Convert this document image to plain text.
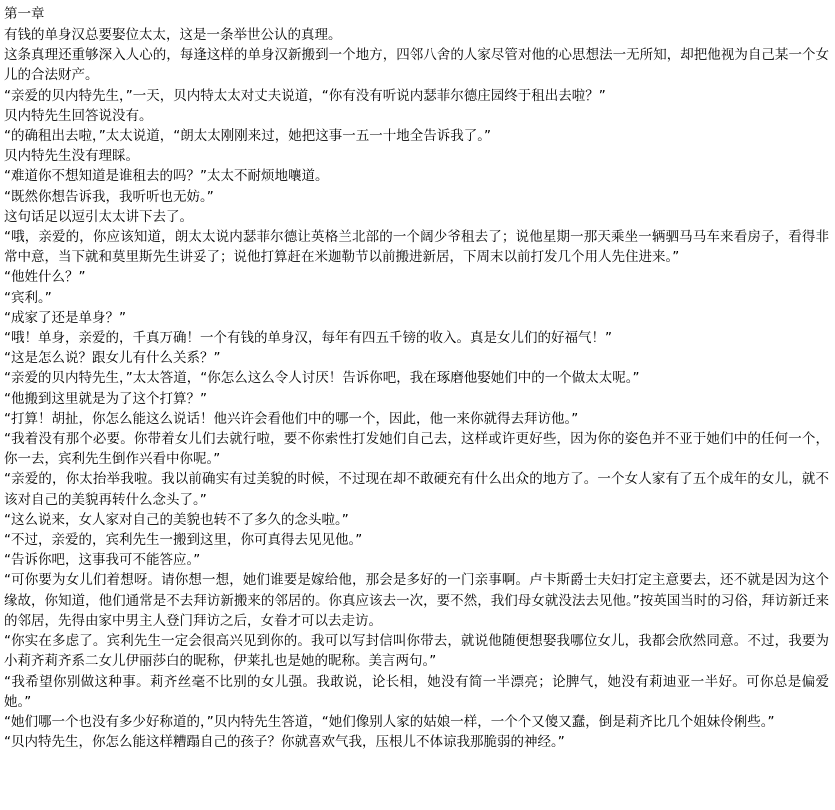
第一章

有钱的单身汉总要娶位太太，这是一条举世公认的真理。

这条真理还重够深入人心的，每逢这样的单身汉新搬到一个地方，四邻八舍的人家尽管对他的心思想法一无所知，却把他视为自己某一个女儿的合法财产。

“亲爱的贝内特先生，”一天，贝内特太太对丈夫说道，“你有没有听说内瑟菲尔德庄园终于租出去啦？”

贝内特先生回答说没有。

“的确租出去啦，”太太说道，“朗太太刚刚来过，她把这事一五一十地全告诉我了。”

贝内特先生没有理睬。

“难道你不想知道是谁租去的吗？”太太不耐烦地嚷道。

“既然你想告诉我，我听听也无妨。”

这句话足以逗引太太讲下去了。

“哦，亲爱的，你应该知道，朗太太说内瑟菲尔德让英格兰北部的一个阔少爷租去了；说他星期一那天乘坐一辆驷马马车来看房子，看得非常中意，当下就和莫里斯先生讲妥了；说他打算赶在米迦勒节以前搬进新居，下周末以前打发几个用人先住进来。”

“他姓什么？”

“宾利。”

“成家了还是单身？”

“哦！单身，亲爱的，千真万确！一个有钱的单身汉，每年有四五千镑的收入。真是女儿们的好福气！”

“这是怎么说？跟女儿有什么关系？”

“亲爱的贝内特先生，”太太答道，“你怎么这么令人讨厌！告诉你吧，我在琢磨他娶她们中的一个做太太呢。”

“他搬到这里就是为了这个打算？”

“打算！胡扯，你怎么能这么说话！他兴许会看他们中的哪一个，因此，他一来你就得去拜访他。”

“我着没有那个必要。你带着女儿们去就行啦，要不你索性打发她们自己去，这样或许更好些，因为你的姿色并不亚于她们中的任何一个，你一去，宾利先生倒作兴看中你呢。”

“亲爱的，你太抬举我啦。我以前确实有过美貌的时候，不过现在却不敢硬充有什么出众的地方了。一个女人家有了五个成年的女儿，就不该对自己的美貌再转什么念头了。”

“这么说来，女人家对自己的美貌也转不了多久的念头啦。”

“不过，亲爱的，宾利先生一搬到这里，你可真得去见见他。”

“告诉你吧，这事我可不能答应。”

“可你要为女儿们着想呀。请你想一想，她们谁要是嫁给他，那会是多好的一门亲事啊。卢卡斯爵士夫妇打定主意要去，还不就是因为这个缘故，你知道，他们通常是不去拜访新搬来的邻居的。你真应该去一次，要不然，我们母女就没法去见他。”按英国当时的习俗，拜访新迁来的邻居，先得由家中男主人登门拜访之后，女眷才可以去走访。

“你实在多虑了。宾利先生一定会很高兴见到你的。我可以写封信叫你带去，就说他随便想娶我哪位女儿，我都会欣然同意。不过，我要为小莉齐莉齐系二女儿伊丽莎白的昵称，伊莱扎也是她的昵称。美言两句。”

“我希望你别做这种事。莉齐丝毫不比别的女儿强。我敢说，论长相，她没有简一半漂亮；论脾气，她没有莉迪亚一半好。可你总是偏爱她。”

“她们哪一个也没有多少好称道的，”贝内特先生答道，“她们像别人家的姑娘一样，一个个又傻又蠢，倒是莉齐比几个姐妹伶俐些。”

“贝内特先生，你怎么能这样糟蹋自己的孩子？你就喜欢气我，压根儿不体谅我那脆弱的神经。”
